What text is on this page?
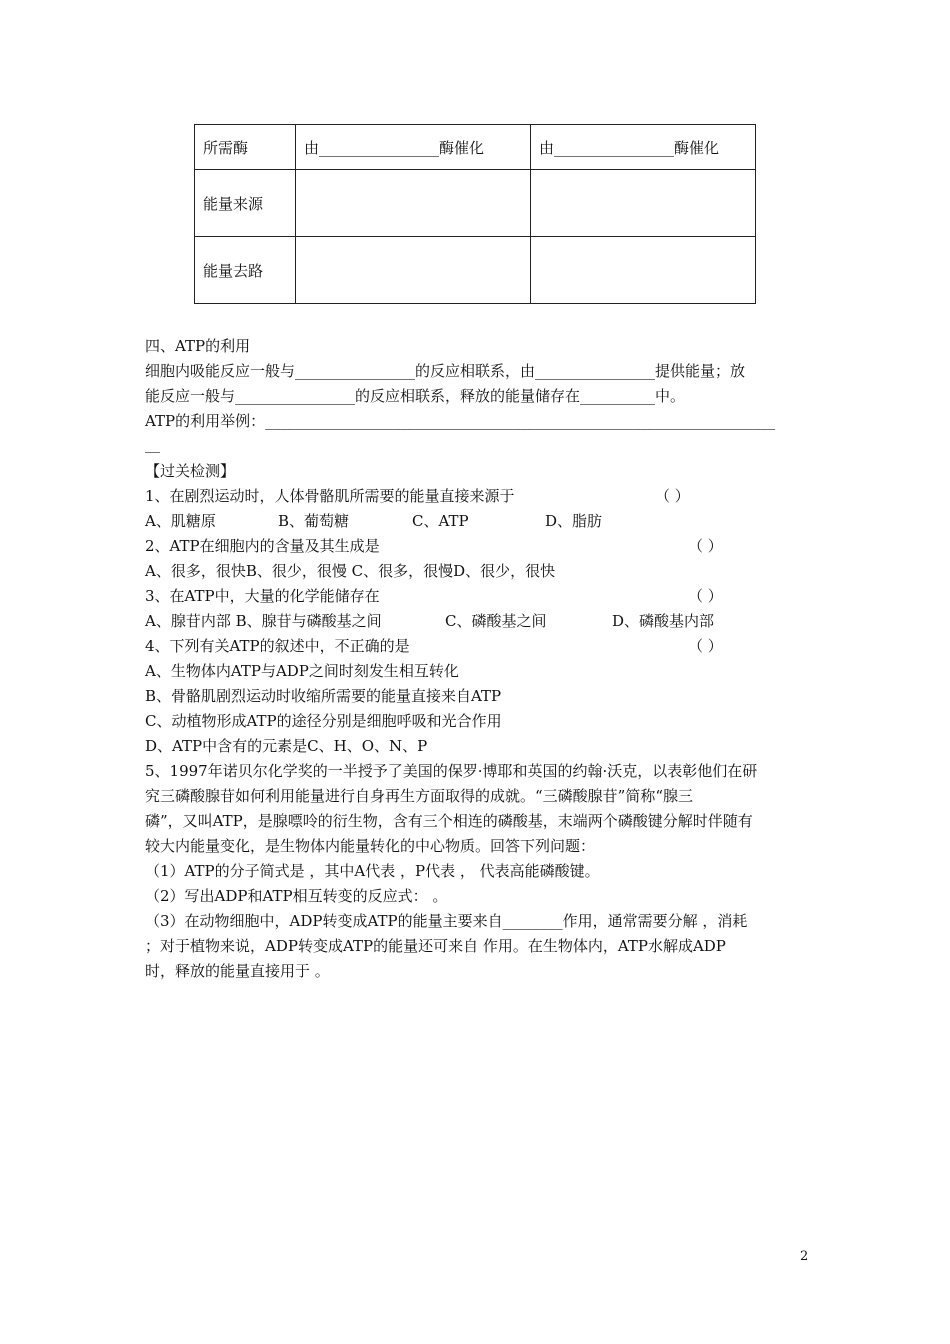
所需酶	由________________酶催化	由________________酶催化
能量来源		
能量去路		
四、ATP的利用
细胞内吸能反应一般与________________的反应相联系，由________________提供能量；放
能反应一般与________________的反应相联系，释放的能量储存在__________中。
ATP的利用举例：____________________________________________________________________
__
【过关检测】
1、在剧烈运动时，人体骨骼肌所需要的能量直接来源于	（ ）
A、肌糖原	B、葡萄糖	C、ATP	D、脂肪
2、ATP在细胞内的含量及其生成是	（ ）
A、很多，很快B、很少，很慢 C、很多，很慢D、很少，很快
3、在ATP中，大量的化学能储存在	（ ）
A、腺苷内部 B、腺苷与磷酸基之间	C、磷酸基之间	D、磷酸基内部
4、下列有关ATP的叙述中，不正确的是	（ ）
A、生物体内ATP与ADP之间时刻发生相互转化
B、骨骼肌剧烈运动时收缩所需要的能量直接来自ATP
C、动植物形成ATP的途径分别是细胞呼吸和光合作用
D、ATP中含有的元素是C、H、O、N、P
5、1997年诺贝尔化学奖的一半授予了美国的保罗·博耶和英国的约翰·沃克，以表彰他们在研
究三磷酸腺苷如何利用能量进行自身再生方面取得的成就。“三磷酸腺苷”简称“腺三
磷”，又叫ATP，是腺嘌呤的衍生物，含有三个相连的磷酸基，末端两个磷酸键分解时伴随有
较大内能量变化，是生物体内能量转化的中心物质。回答下列问题：
（1）ATP的分子简式是 ，其中A代表 ，P代表 ， 代表高能磷酸键。
（2）写出ADP和ATP相互转变的反应式： 。
（3）在动物细胞中，ADP转变成ATP的能量主要来自________作用，通常需要分解 ，消耗
；对于植物来说，ADP转变成ATP的能量还可来自 作用。在生物体内，ATP水解成ADP
时，释放的能量直接用于 。
2
